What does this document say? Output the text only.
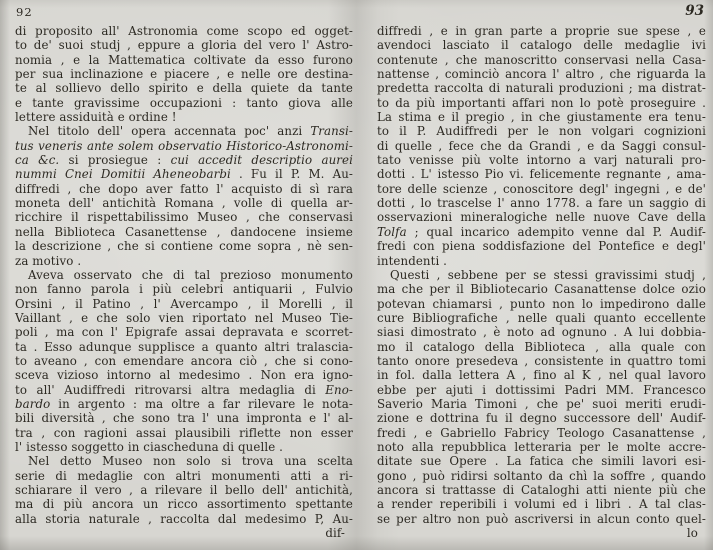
92	93
di proposito all' Astronomia come scopo ed ogget-
to de' suoi studj , eppure a gloria del vero l' Astro-
nomia , e la Mattematica coltivate da esso furono
per sua inclinazione e piacere , e nelle ore destina-
te al sollievo dello spirito e della quiete da tante
e tante gravissime occupazioni : tanto giova alle
lettere assiduità e ordine !
Nel titolo dell' opera accennata poc' anzi Transi-
tus veneris ante solem observatio Historico-Astronomi-
ca &c. si prosiegue : cui accedit descriptio aurei
nummi Cnei Domitii Aheneobarbi . Fu il P. M. Au-
diffredi , che dopo aver fatto l' acquisto di sì rara
moneta dell' antichità Romana , volle di quella ar-
ricchire il rispettabilissimo Museo , che conservasi
nella Biblioteca Casanettense , dandocene insieme
la descrizione , che si contiene come sopra , nè sen-
za motivo .
Aveva osservato che di tal prezioso monumento
non fanno parola i più celebri antiquarii , Fulvio
Orsini , il Patino , l' Avercampo , il Morelli , il
Vaillant , e che solo vien riportato nel Museo Tie-
poli , ma con l' Epigrafe assai depravata e scorret-
ta . Esso adunque supplisce a quanto altri tralascia-
to aveano , con emendare ancora ciò , che si cono-
sceva vizioso intorno al medesimo . Non era igno-
to all' Audiffredi ritrovarsi altra medaglia di Eno-
bardo in argento : ma oltre a far rilevare le nota-
bili diversità , che sono tra l' una impronta e l' al-
tra , con ragioni assai plausibili riflette non esser
l' istesso soggetto in ciascheduna di quelle .
Nel detto Museo non solo si trova una scelta
serie di medaglie con altri monumenti atti a ri-
schiarare il vero , a rilevare il bello dell' antichità,
ma di più ancora un ricco assortimento spettante
alla storia naturale , raccolta dal medesimo P, Au-
dif-
diffredi , e in gran parte a proprie sue spese , e
avendoci lasciato il catalogo delle medaglie ivi
contenute , che manoscritto conservasi nella Casa-
nattense , cominciò ancora l' altro , che riguarda la
predetta raccolta di naturali produzioni ; ma distrat-
to da più importanti affari non lo potè proseguire .
La stima e il pregio , in che giustamente era tenu-
to il P. Audiffredi per le non volgari cognizioni
di quelle , fece che da Grandi , e da Saggi consul-
tato venisse più volte intorno a varj naturali pro-
dotti . L' istesso Pio vi. felicemente regnante , ama-
tore delle scienze , conoscitore degl' ingegni , e de'
dotti , lo trascelse l' anno 1778. a fare un saggio di
osservazioni mineralogiche nelle nuove Cave della
Tolfa ; qual incarico adempito venne dal P. Audif-
fredi con piena soddisfazione del Pontefice e degl'
intendenti .
Questi , sebbene per se stessi gravissimi studj ,
ma che per il Bibliotecario Casanattense dolce ozio
potevan chiamarsi , punto non lo impedirono dalle
cure Bibliografiche , nelle quali quanto eccellente
siasi dimostrato , è noto ad ognuno . A lui dobbia-
mo il catalogo della Biblioteca , alla quale con
tanto onore presedeva , consistente in quattro tomi
in fol. dalla lettera A , fino al K , nel qual lavoro
ebbe per ajuti i dottissimi Padri MM. Francesco
Saverio Maria Timoni , che pe' suoi meriti erudi-
zione e dottrina fu il degno successore dell' Audif-
fredi , e Gabriello Fabricy Teologo Casanattense ,
noto alla repubblica letteraria per le molte accre-
ditate sue Opere . La fatica che simili lavori esi-
gono , può ridirsi soltanto da chì la soffre , quando
ancora si trattasse di Cataloghi atti niente più che
a render reperibili i volumi ed i libri . A tal clas-
se per altro non può ascriversi in alcun conto quel-
lo
